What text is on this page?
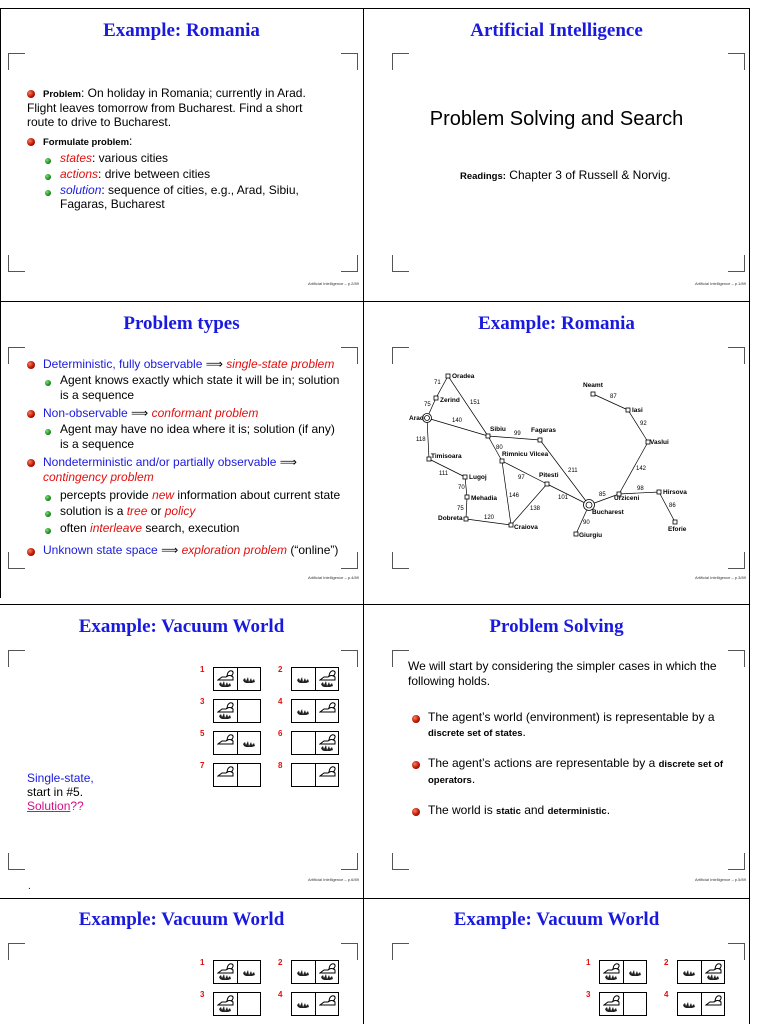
Example: Romania
Problem: On holiday in Romania; currently in Arad.
Flight leaves tomorrow from Bucharest. Find a short
route to drive to Bucharest.
Formulate problem:
states: various cities
actions: drive between cities
solution: sequence of cities, e.g., Arad, Sibiu,
Fagaras, Bucharest
Artificial Intelligence – p.2/89
Artificial Intelligence
Problem Solving and Search
Readings: Chapter 3 of Russell & Norvig.
Artificial Intelligence – p.1/89
Problem types
Deterministic, fully observable ⟹ single-state problem
Agent knows exactly which state it will be in; solution
is a sequence
Non-observable ⟹ conformant problem
Agent may have no idea where it is; solution (if any)
is a sequence
Nondeterministic and/or partially observable ⟹
contingency problem
percepts provide new information about current state
solution is a tree or policy
often interleave search, execution
Unknown state space ⟹ exploration problem (“online”)
Artificial Intelligence – p.4/89
Example: Romania
Oradea
Zerind
Arad
Timisoara
Lugoj
Mehadia
Dobreta
Craiova
Sibiu	Fagaras
Rimnicu Vilcea
Pitesti
Bucharest
Giurgiu
Urziceni
Neamt
Iasi
Vaslui
Hirsova
Eforie
71
75	151
140
118
111
70
75
120
99
80
97
146
138
211
101
90
85
87
92
142
98
86
Artificial Intelligence – p.3/89
Example: Vacuum World
1	2
3	4
5	6
7	8
Single-state,
start in #5.
Solution??
Artificial Intelligence – p.6/89
.
Problem Solving
We will start by considering the simpler cases in which the
following holds.
The agent’s world (environment) is representable by a
discrete set of states.
The agent’s actions are representable by a discrete set of
operators.
The world is static and deterministic.
Artificial Intelligence – p.5/89
Example: Vacuum World
1	2
3	4
Example: Vacuum World
1	2
3	4
